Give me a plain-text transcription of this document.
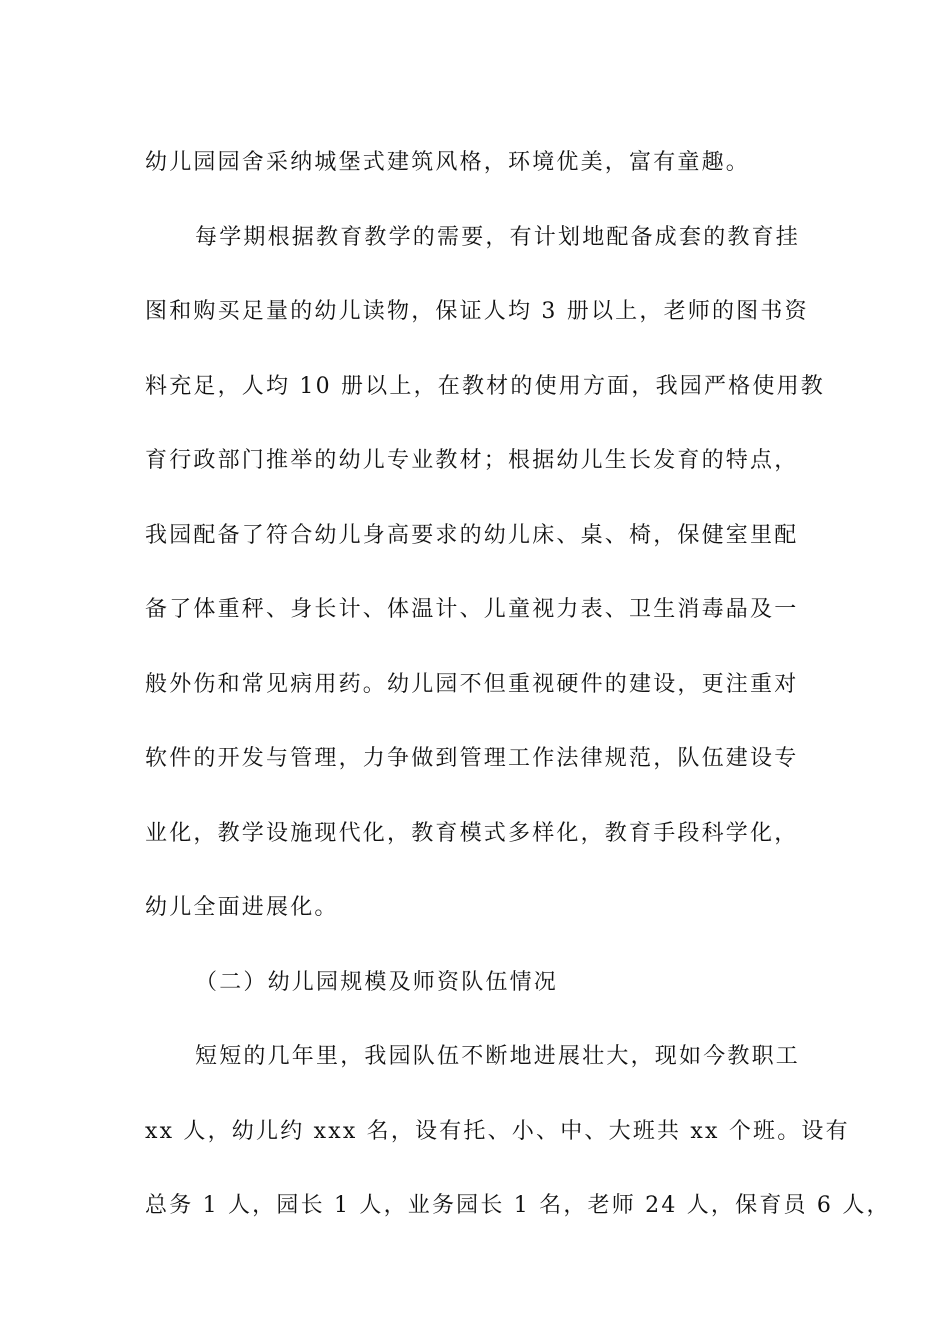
幼儿园园舍采纳城堡式建筑风格，环境优美，富有童趣。
每学期根据教育教学的需要，有计划地配备成套的教育挂
图和购买足量的幼儿读物，保证人均 3 册以上，老师的图书资
料充足，人均 10 册以上，在教材的使用方面，我园严格使用教
育行政部门推举的幼儿专业教材；根据幼儿生长发育的特点，
我园配备了符合幼儿身高要求的幼儿床、桌、椅，保健室里配
备了体重秤、身长计、体温计、儿童视力表、卫生消毒晶及一
般外伤和常见病用药。幼儿园不但重视硬件的建设，更注重对
软件的开发与管理，力争做到管理工作法律规范，队伍建设专
业化，教学设施现代化，教育模式多样化，教育手段科学化，
幼儿全面进展化。
（二）幼儿园规模及师资队伍情况
短短的几年里，我园队伍不断地进展壮大，现如今教职工
xx 人，幼儿约 xxx 名，设有托、小、中、大班共 xx 个班。设有
总务 1 人，园长 1 人，业务园长 1 名，老师 24 人，保育员 6 人，
